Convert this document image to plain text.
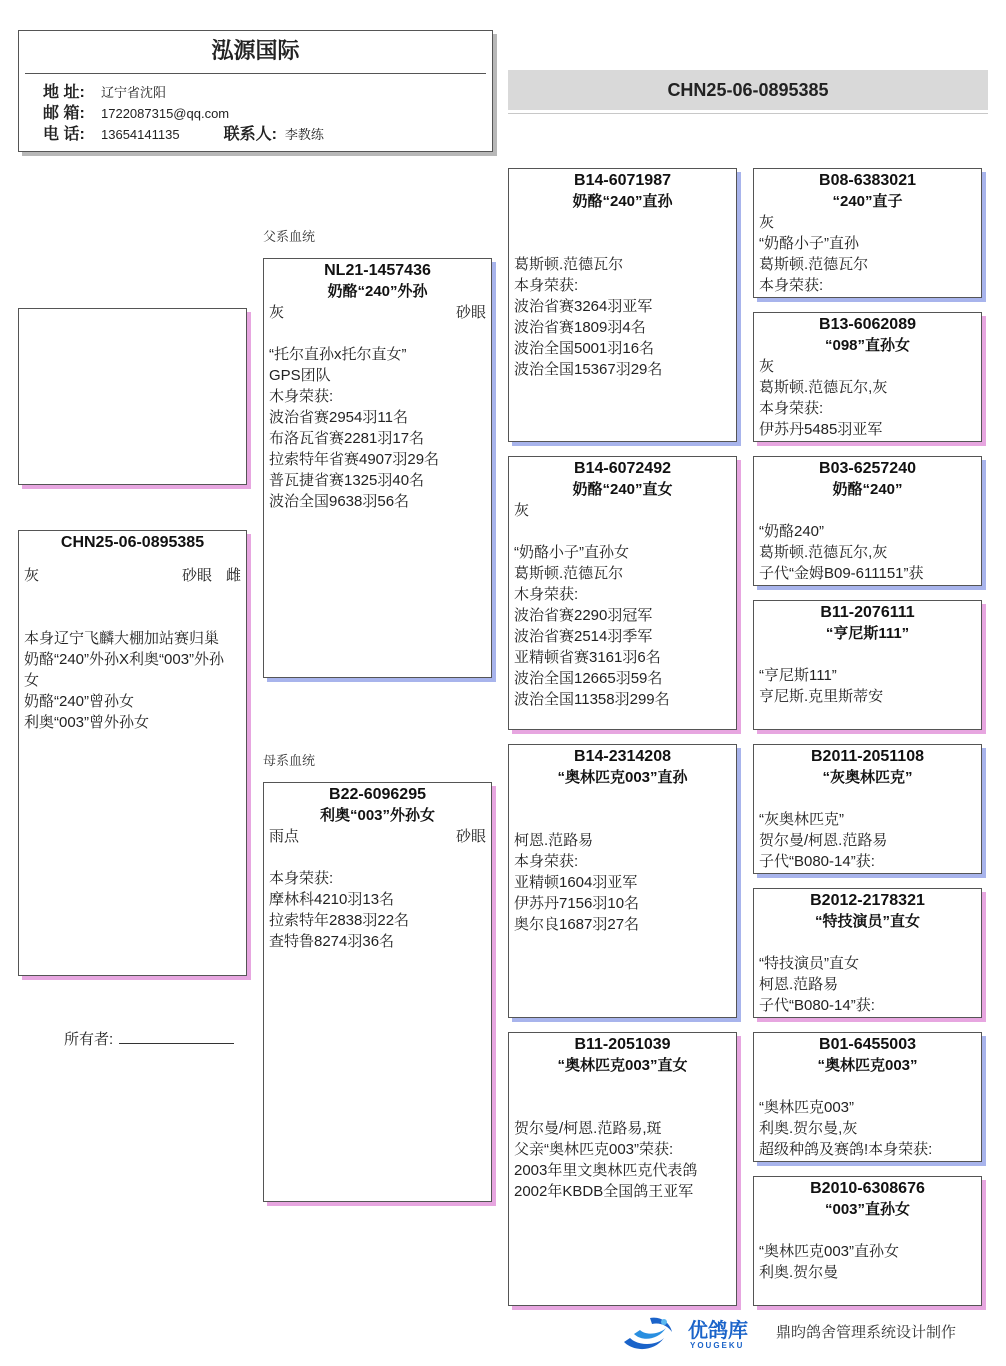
泓源国际
地 址: 辽宁省沈阳
邮 箱: 1722087315@qq.com
电 话: 13654141135	联系人: 李教练
CHN25-06-0895385
CHN25-06-0895385
灰	砂眼 雌
本身辽宁飞麟大棚加站赛归巢
奶酪“240”外孙X利奥“003”外孙
女
奶酪“240”曾孙女
利奥“003”曾外孙女
父系血统
母系血统
NL21-1457436
奶酪“240”外孙
灰	砂眼
“托尔直孙x托尔直女”
GPS团队
木身荣获:
波治省赛2954羽11名
布洛瓦省赛2281羽17名
拉索特年省赛4907羽29名
普瓦捷省赛1325羽40名
波治全国9638羽56名
B22-6096295
利奥“003”外孙女
雨点	砂眼
本身荣获:
摩林科4210羽13名
拉索特年2838羽22名
查特鲁8274羽36名
B14-6071987
奶酪“240”直孙
葛斯顿.范德瓦尔
本身荣获:
波治省赛3264羽亚军
波治省赛1809羽4名
波治全国5001羽16名
波治全国15367羽29名
B14-6072492
奶酪“240”直女
灰
“奶酪小子”直孙女
葛斯顿.范德瓦尔
木身荣获:
波治省赛2290羽冠军
波治省赛2514羽季军
亚精顿省赛3161羽6名
波治全国12665羽59名
波治全国11358羽299名
B14-2314208
“奥林匹克003”直孙
柯恩.范路易
本身荣获:
亚精顿1604羽亚军
伊苏丹7156羽10名
奥尔良1687羽27名
B11-2051039
“奥林匹克003”直女
贺尔曼/柯恩.范路易,斑
父亲“奥林匹克003”荣获:
2003年里文奥林匹克代表鸽
2002年KBDB全国鸽王亚军
B08-6383021
“240”直子
灰
“奶酪小子”直孙
葛斯顿.范德瓦尔
本身荣获:
B13-6062089
“098”直孙女
灰
葛斯顿.范德瓦尔,灰
本身荣获:
伊苏丹5485羽亚军
B03-6257240
奶酪“240”
“奶酪240”
葛斯顿.范德瓦尔,灰
子代“金姆B09-611151”获
B11-2076111
“亨尼斯111”
“亨尼斯111”
亨尼斯.克里斯蒂安
B2011-2051108
“灰奥林匹克”
“灰奥林匹克”
贺尔曼/柯恩.范路易
子代“B080-14”获:
B2012-2178321
“特技演员”直女
“特技演员”直女
柯恩.范路易
子代“B080-14”获:
B01-6455003
“奥林匹克003”
“奥林匹克003”
利奥.贺尔曼,灰
超级种鸽及赛鸽!本身荣获:
B2010-6308676
“003”直孙女
“奥林匹克003”直孙女
利奥.贺尔曼
所有者:
优鸽库
YOUGEKU
鼎昀鸽舍管理系统设计制作
